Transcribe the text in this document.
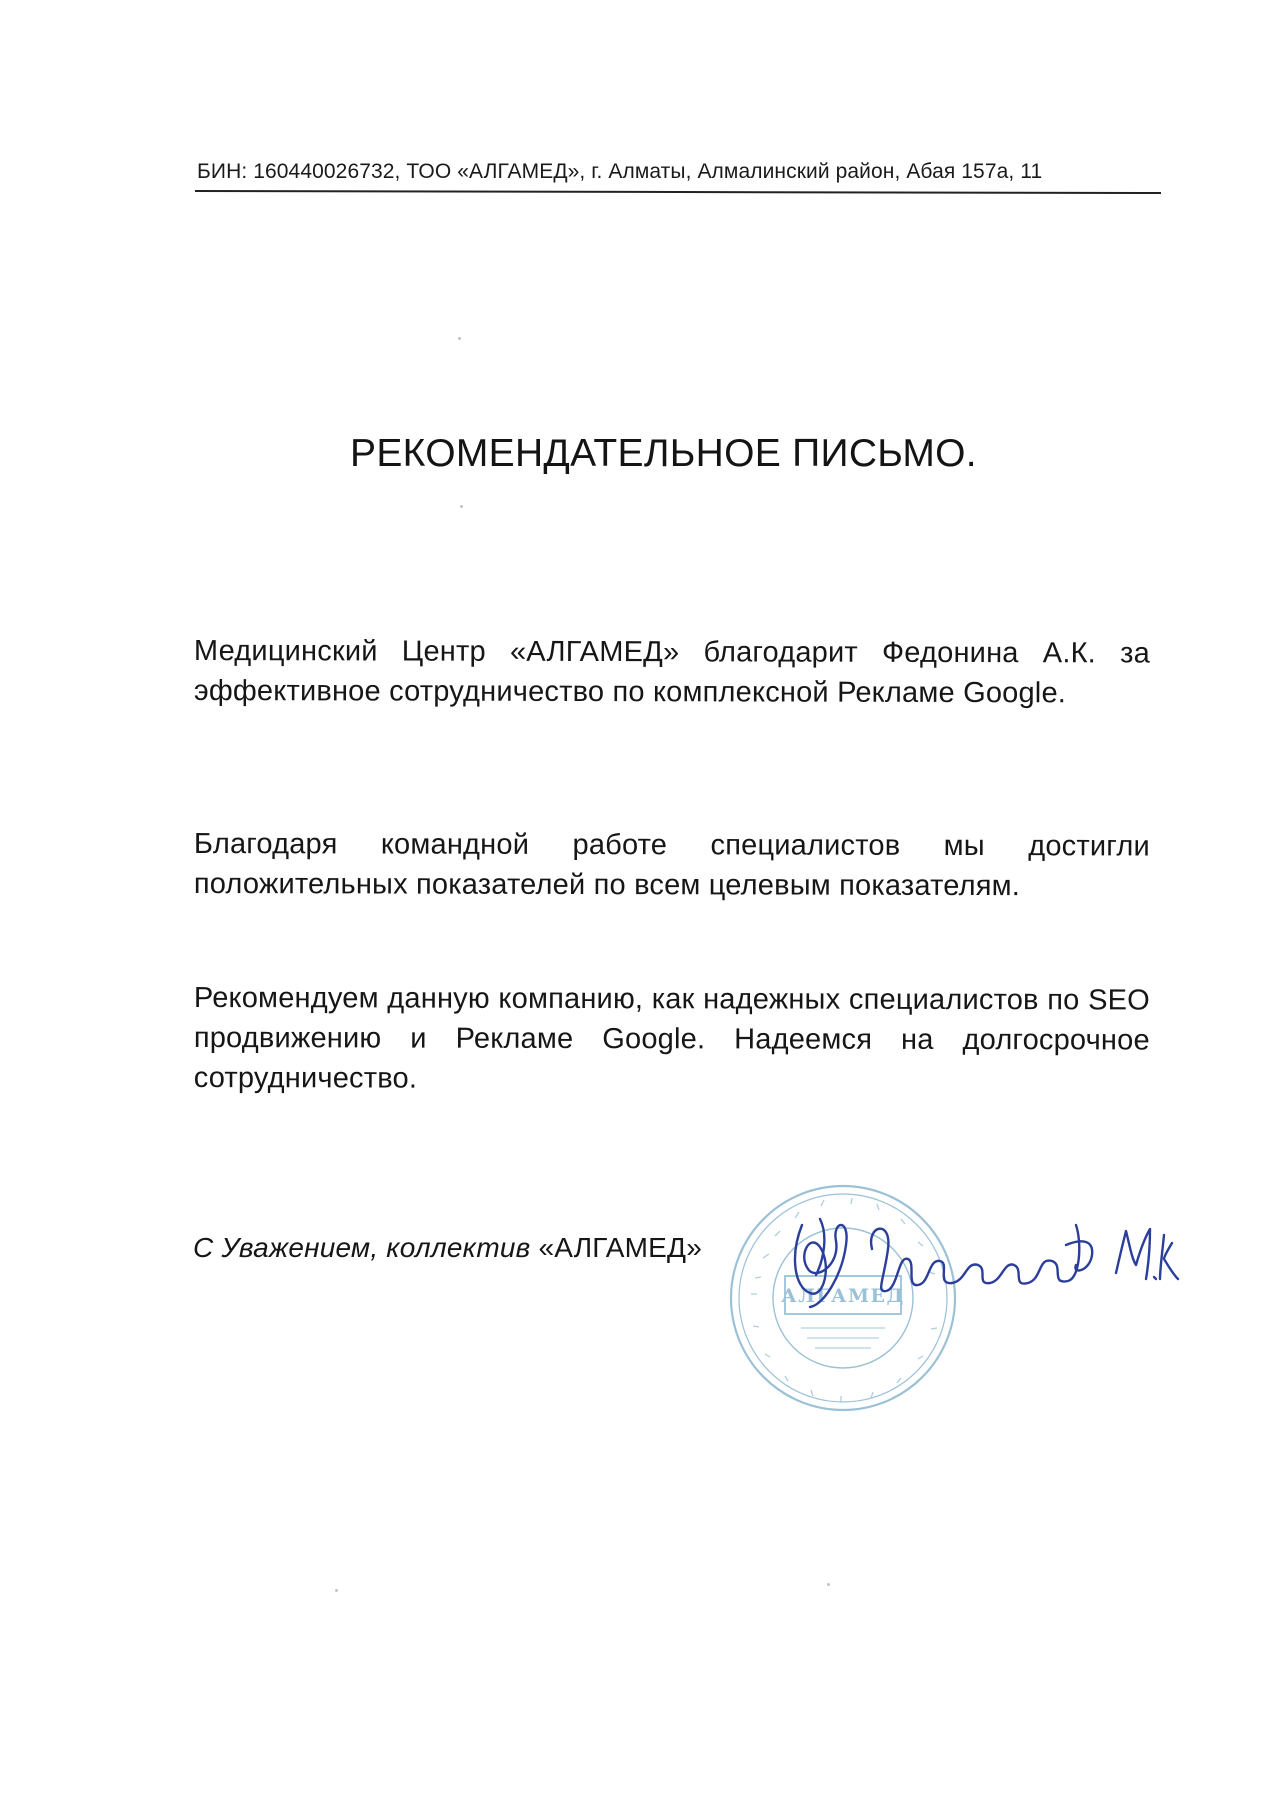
БИН: 160440026732, ТОО «АЛГАМЕД», г. Алматы, Алмалинский район, Абая 157а, 11
РЕКОМЕНДАТЕЛЬНОЕ ПИСЬМО.
Медицинский Центр «АЛГАМЕД» благодарит Федонина А.К. за эффективное сотрудничество по комплексной Рекламе Google.
Благодаря командной работе специалистов мы достигли положительных показателей по всем целевым показателям.
Рекомендуем данную компанию, как надежных специалистов по SEO продвижению и Рекламе Google. Надеемся на долгосрочное сотрудничество.
С Уважением, коллектив «АЛГАМЕД»
АЛГАМЕД
